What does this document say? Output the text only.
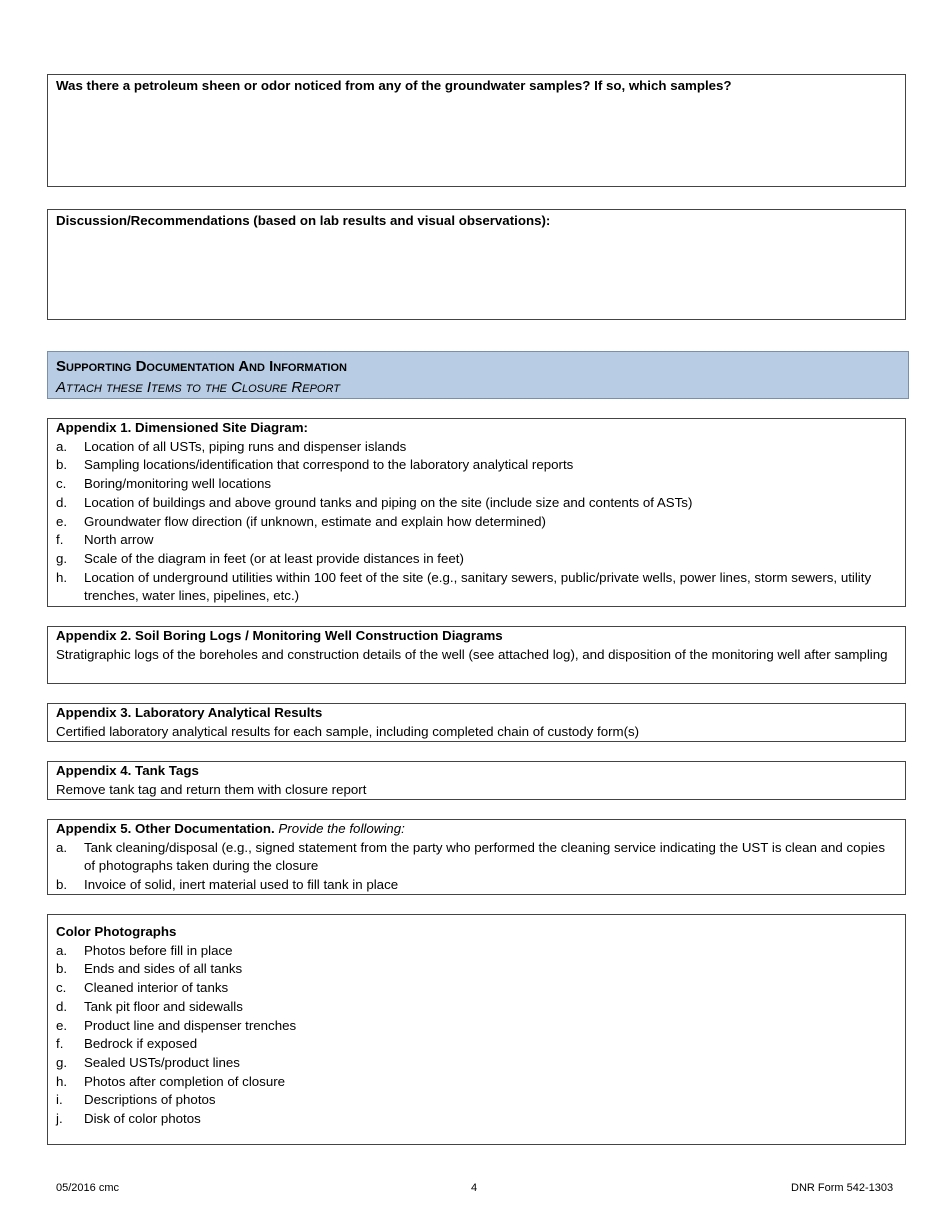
Was there a petroleum sheen or odor noticed from any of the groundwater samples? If so, which samples?
Discussion/Recommendations (based on lab results and visual observations):
Supporting Documentation And Information
Attach these Items to the Closure Report
Appendix 1. Dimensioned Site Diagram:
a. Location of all USTs, piping runs and dispenser islands
b. Sampling locations/identification that correspond to the laboratory analytical reports
c. Boring/monitoring well locations
d. Location of buildings and above ground tanks and piping on the site (include size and contents of ASTs)
e. Groundwater flow direction (if unknown, estimate and explain how determined)
f. North arrow
g. Scale of the diagram in feet (or at least provide distances in feet)
h. Location of underground utilities within 100 feet of the site (e.g., sanitary sewers, public/private wells, power lines, storm sewers, utility trenches, water lines, pipelines, etc.)
Appendix 2. Soil Boring Logs / Monitoring Well Construction Diagrams
Stratigraphic logs of the boreholes and construction details of the well (see attached log), and disposition of the monitoring well after sampling
Appendix 3. Laboratory Analytical Results
Certified laboratory analytical results for each sample, including completed chain of custody form(s)
Appendix 4. Tank Tags
Remove tank tag and return them with closure report
Appendix 5. Other Documentation. Provide the following:
a. Tank cleaning/disposal (e.g., signed statement from the party who performed the cleaning service indicating the UST is clean and copies of photographs taken during the closure
b. Invoice of solid, inert material used to fill tank in place
Color Photographs
a. Photos before fill in place
b. Ends and sides of all tanks
c. Cleaned interior of tanks
d. Tank pit floor and sidewalls
e. Product line and dispenser trenches
f. Bedrock if exposed
g. Sealed USTs/product lines
h. Photos after completion of closure
i. Descriptions of photos
j. Disk of color photos
05/2016 cmc	4	DNR Form 542-1303
